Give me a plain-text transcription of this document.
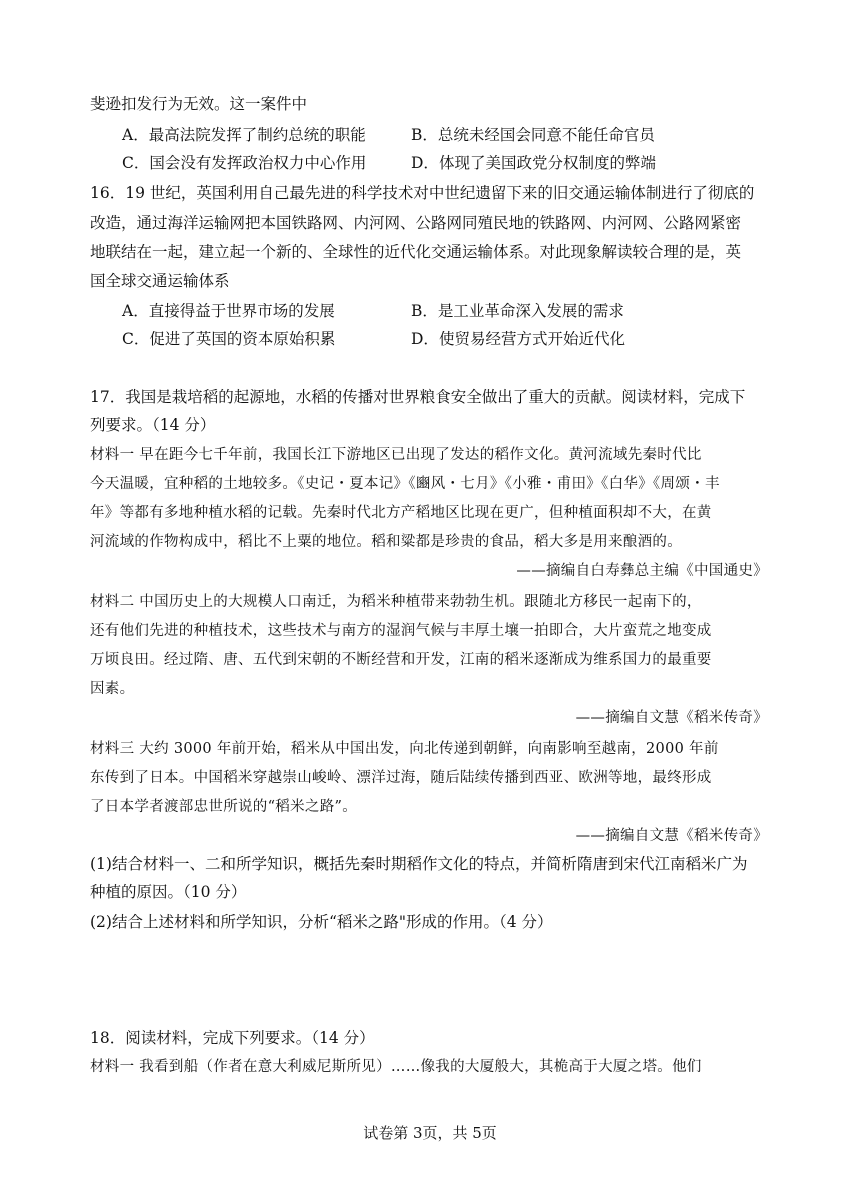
斐逊扣发行为无效。这一案件中
A．最高法院发挥了制约总统的职能	B．总统未经国会同意不能任命官员
C．国会没有发挥政治权力中心作用	D．体现了美国政党分权制度的弊端
16．19 世纪，英国利用自己最先进的科学技术对中世纪遗留下来的旧交通运输体制进行了彻底的
改造，通过海洋运输网把本国铁路网、内河网、公路网同殖民地的铁路网、内河网、公路网紧密
地联结在一起，建立起一个新的、全球性的近代化交通运输体系。对此现象解读较合理的是，英
国全球交通运输体系
A．直接得益于世界市场的发展	B．是工业革命深入发展的需求
C．促进了英国的资本原始积累	D．使贸易经营方式开始近代化
17．我国是栽培稻的起源地，水稻的传播对世界粮食安全做出了重大的贡献。阅读材料，完成下
列要求。（14 分）
材料一 早在距今七千年前，我国长江下游地区已出现了发达的稻作文化。黄河流域先秦时代比
今天温暖，宜种稻的土地较多。《史记・夏本记》《豳风・七月》《小雅・甫田》《白华》《周颂・丰
年》等都有多地种植水稻的记载。先秦时代北方产稻地区比现在更广，但种植面积却不大，在黄
河流域的作物构成中，稻比不上粟的地位。稻和粱都是珍贵的食品，稻大多是用来酿酒的。
——摘编自白寿彝总主编《中国通史》
材料二 中国历史上的大规模人口南迁，为稻米种植带来勃勃生机。跟随北方移民一起南下的，
还有他们先进的种植技术，这些技术与南方的湿润气候与丰厚土壤一拍即合，大片蛮荒之地变成
万顷良田。经过隋、唐、五代到宋朝的不断经营和开发，江南的稻米逐渐成为维系国力的最重要
因素。
——摘编自文慧《稻米传奇》
材料三 大约 3000 年前开始，稻米从中国出发，向北传递到朝鲜，向南影响至越南，2000 年前
东传到了日本。中国稻米穿越崇山峻岭、漂洋过海，随后陆续传播到西亚、欧洲等地，最终形成
了日本学者渡部忠世所说的“稻米之路”。
——摘编自文慧《稻米传奇》
(1)结合材料一、二和所学知识，概括先秦时期稻作文化的特点，并简析隋唐到宋代江南稻米广为
种植的原因。（10 分）
(2)结合上述材料和所学知识，分析“稻米之路"形成的作用。（4 分）
18．阅读材料，完成下列要求。（14 分）
材料一 我看到船（作者在意大利威尼斯所见）……像我的大厦般大，其桅高于大厦之塔。他们
试卷第 3页，共 5页
